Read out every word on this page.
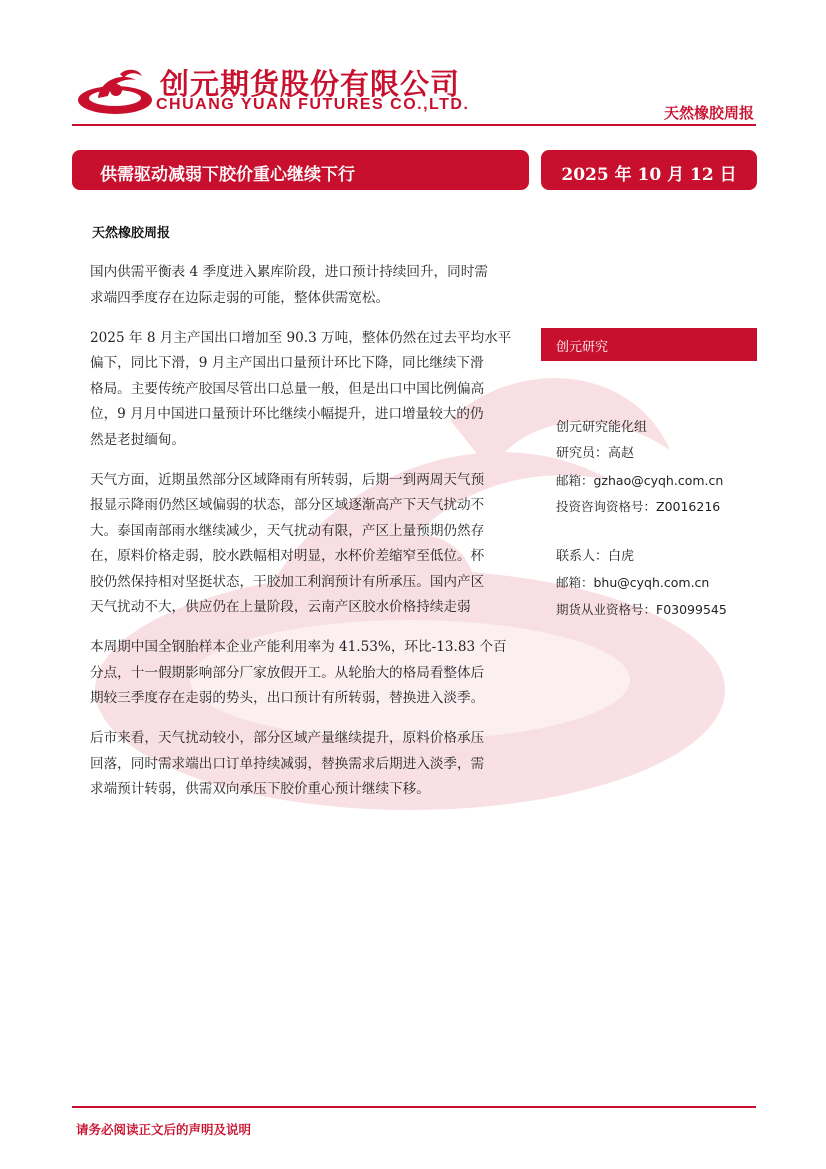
创元期货股份有限公司
CHUANG YUAN FUTURES CO.,LTD.	天然橡胶周报
供需驱动减弱下胶价重心继续下行	2025 年 10 月 12 日
天然橡胶周报

国内供需平衡表 4 季度进入累库阶段，进口预计持续回升，同时需
求端四季度存在边际走弱的可能，整体供需宽松。

2025 年 8 月主产国出口增加至 90.3 万吨，整体仍然在过去平均水平
偏下，同比下滑，9 月主产国出口量预计环比下降，同比继续下滑
格局。主要传统产胶国尽管出口总量一般，但是出口中国比例偏高
位，9 月月中国进口量预计环比继续小幅提升，进口增量较大的仍
然是老挝缅甸。

天气方面，近期虽然部分区域降雨有所转弱，后期一到两周天气预
报显示降雨仍然区域偏弱的状态，部分区域逐渐高产下天气扰动不
大。泰国南部雨水继续减少，天气扰动有限，产区上量预期仍然存
在，原料价格走弱，胶水跌幅相对明显，水杯价差缩窄至低位。杯
胶仍然保持相对坚挺状态，干胶加工利润预计有所承压。国内产区
天气扰动不大，供应仍在上量阶段，云南产区胶水价格持续走弱

本周期中国全钢胎样本企业产能利用率为 41.53%，环比-13.83 个百
分点，十一假期影响部分厂家放假开工。从轮胎大的格局看整体后
期较三季度存在走弱的势头，出口预计有所转弱，替换进入淡季。

后市来看，天气扰动较小，部分区域产量继续提升，原料价格承压
回落，同时需求端出口订单持续减弱，替换需求后期进入淡季，需
求端预计转弱，供需双向承压下胶价重心预计继续下移。

创元研究
创元研究能化组
研究员：高赵
邮箱：gzhao@cyqh.com.cn
投资咨询资格号：Z0016216
联系人：白虎
邮箱：bhu@cyqh.com.cn
期货从业资格号：F03099545
请务必阅读正文后的声明及说明
